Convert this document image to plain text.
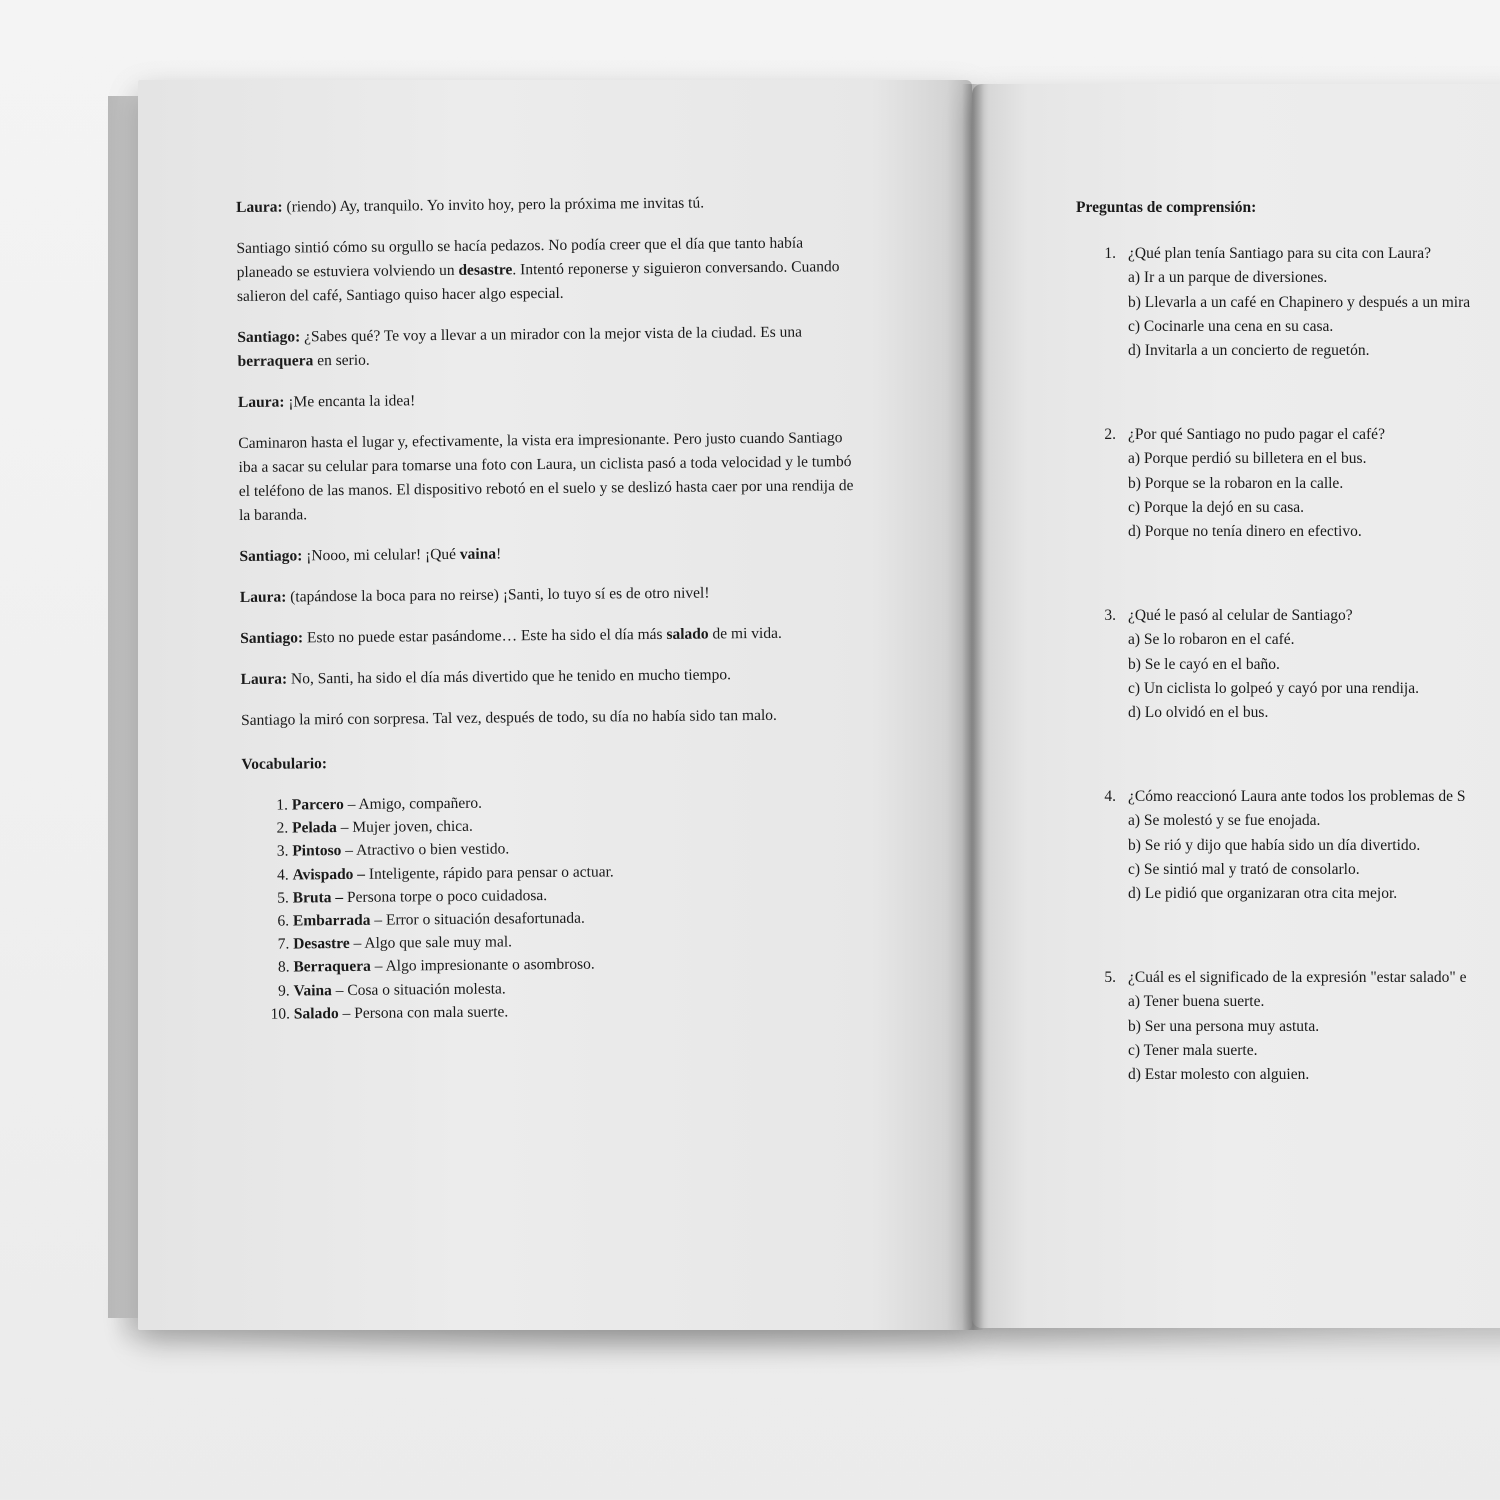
Laura: (riendo) Ay, tranquilo. Yo invito hoy, pero la próxima me invitas tú.

Santiago sintió cómo su orgullo se hacía pedazos. No podía creer que el día que tanto había planeado se estuviera volviendo un desastre. Intentó reponerse y siguieron conversando. Cuando salieron del café, Santiago quiso hacer algo especial.

Santiago: ¿Sabes qué? Te voy a llevar a un mirador con la mejor vista de la ciudad. Es una berraquera en serio.

Laura: ¡Me encanta la idea!

Caminaron hasta el lugar y, efectivamente, la vista era impresionante. Pero justo cuando Santiago iba a sacar su celular para tomarse una foto con Laura, un ciclista pasó a toda velocidad y le tumbó el teléfono de las manos. El dispositivo rebotó en el suelo y se deslizó hasta caer por una rendija de la baranda.

Santiago: ¡Nooo, mi celular! ¡Qué vaina!

Laura: (tapándose la boca para no reirse) ¡Santi, lo tuyo sí es de otro nivel!

Santiago: Esto no puede estar pasándome… Este ha sido el día más salado de mi vida.

Laura: No, Santi, ha sido el día más divertido que he tenido en mucho tiempo.

Santiago la miró con sorpresa. Tal vez, después de todo, su día no había sido tan malo.

Vocabulario:
1. Parcero – Amigo, compañero.
2. Pelada – Mujer joven, chica.
3. Pintoso – Atractivo o bien vestido.
4. Avispado – Inteligente, rápido para pensar o actuar.
5. Bruta – Persona torpe o poco cuidadosa.
6. Embarrada – Error o situación desafortunada.
7. Desastre – Algo que sale muy mal.
8. Berraquera – Algo impresionante o asombroso.
9. Vaina – Cosa o situación molesta.
10. Salado – Persona con mala suerte.
Preguntas de comprensión:
1. ¿Qué plan tenía Santiago para su cita con Laura?
a) Ir a un parque de diversiones.
b) Llevarla a un café en Chapinero y después a un mira
c) Cocinarle una cena en su casa.
d) Invitarla a un concierto de reguetón.
2. ¿Por qué Santiago no pudo pagar el café?
a) Porque perdió su billetera en el bus.
b) Porque se la robaron en la calle.
c) Porque la dejó en su casa.
d) Porque no tenía dinero en efectivo.
3. ¿Qué le pasó al celular de Santiago?
a) Se lo robaron en el café.
b) Se le cayó en el baño.
c) Un ciclista lo golpeó y cayó por una rendija.
d) Lo olvidó en el bus.
4. ¿Cómo reaccionó Laura ante todos los problemas de S
a) Se molestó y se fue enojada.
b) Se rió y dijo que había sido un día divertido.
c) Se sintió mal y trató de consolarlo.
d) Le pidió que organizaran otra cita mejor.
5. ¿Cuál es el significado de la expresión "estar salado" e
a) Tener buena suerte.
b) Ser una persona muy astuta.
c) Tener mala suerte.
d) Estar molesto con alguien.
